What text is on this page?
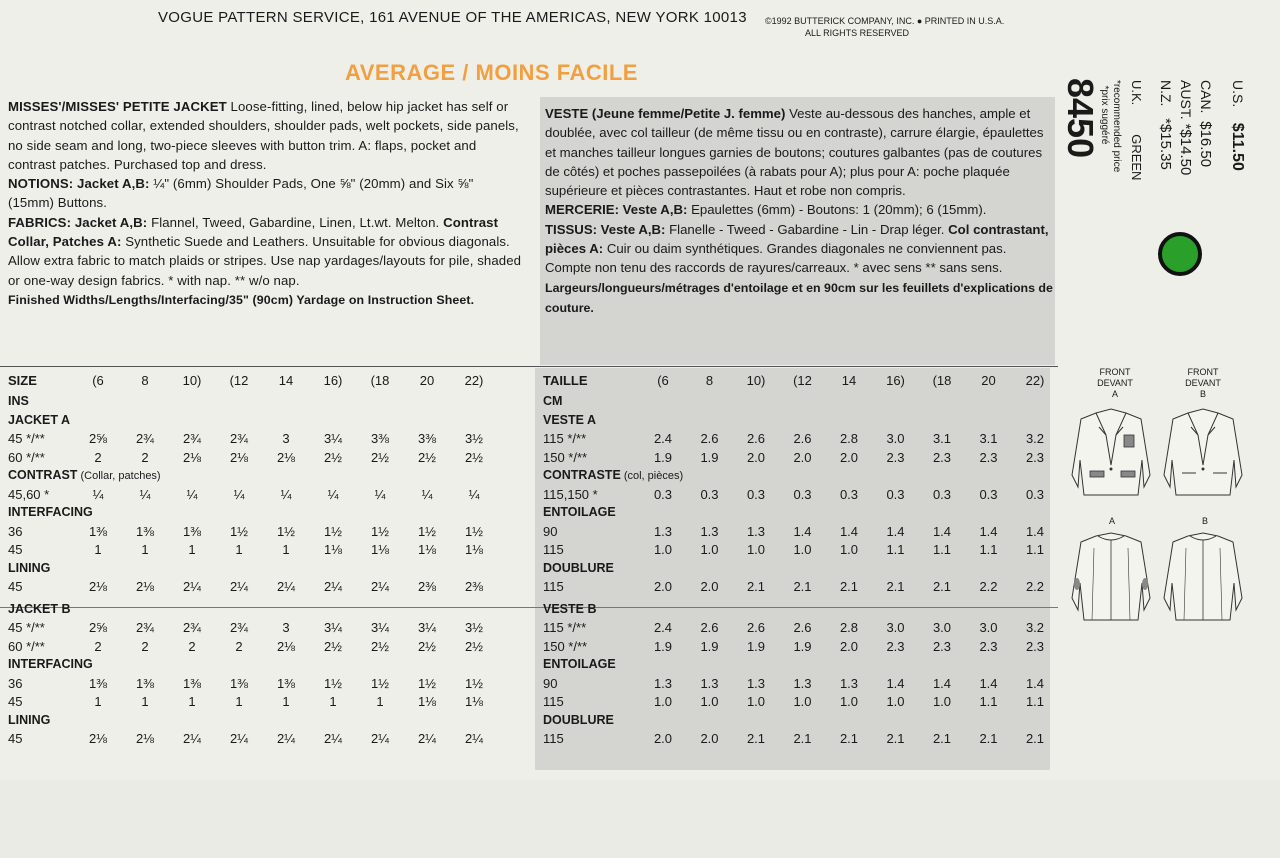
VOGUE PATTERN SERVICE, 161 AVENUE OF THE AMERICAS, NEW YORK 10013 ©1992 BUTTERICK COMPANY, INC. ● PRINTED IN U.S.A.
ALL RIGHTS RESERVED
AVERAGE / MOINS FACILE
MISSES'/MISSES' PETITE JACKET Loose-fitting, lined, below hip jacket has self or contrast notched collar, extended shoulders, shoulder pads, welt pockets, side panels, no side seam and long, two-piece sleeves with button trim. A: flaps, pocket and contrast patches. Purchased top and dress.
NOTIONS: Jacket A,B: ¼" (6mm) Shoulder Pads, One ⅝" (20mm) and Six ⅝" (15mm) Buttons.
FABRICS: Jacket A,B: Flannel, Tweed, Gabardine, Linen, Lt.wt. Melton. Contrast Collar, Patches A: Synthetic Suede and Leathers. Unsuitable for obvious diagonals. Allow extra fabric to match plaids or stripes. Use nap yardages/layouts for pile, shaded or one-way design fabrics. * with nap. ** w/o nap.
Finished Widths/Lengths/Interfacing/35" (90cm) Yardage on Instruction Sheet.
VESTE (Jeune femme/Petite J. femme) Veste au-dessous des hanches, ample et doublée, avec col tailleur (de même tissu ou en contraste), carrure élargie, épaulettes et manches tailleur longues garnies de boutons; coutures galbantes (pas de coutures de côtés) et poches passepoilées (à rabats pour A); plus pour A: poche plaquée supérieure et pièces contrastantes. Haut et robe non compris.
MERCERIE: Veste A,B: Epaulettes (6mm) - Boutons: 1 (20mm); 6 (15mm).
TISSUS: Veste A,B: Flanelle - Tweed - Gabardine - Lin - Drap léger. Col contrastant, pièces A: Cuir ou daim synthétiques. Grandes diagonales ne conviennent pas. Compte non tenu des raccords de rayures/carreaux. * avec sens ** sans sens.
Largeurs/longueurs/métrages d'entoilage et en 90cm sur les feuillets d'explications de couture.
SIZE	(6	8	10)	(12	14	16)	(18	20	22)
INS
JACKET A
45 */**	2⅝	2¾	2¾	2¾	3	3¼	3⅜	3⅜	3½
60 */**	2	2	2⅛	2⅛	2⅛	2½	2½	2½	2½
CONTRAST (Collar, patches)
45,60 *	¼	¼	¼	¼	¼	¼	¼	¼	¼
INTERFACING
36	1⅜	1⅜	1⅜	1½	1½	1½	1½	1½	1½
45	1	1	1	1	1	1⅛	1⅛	1⅛	1⅛
LINING
45	2⅛	2⅛	2¼	2¼	2¼	2¼	2¼	2⅜	2⅜
JACKET B
45 */**	2⅝	2¾	2¾	2¾	3	3¼	3¼	3¼	3½
60 */**	2	2	2	2	2⅛	2½	2½	2½	2½
INTERFACING
36	1⅜	1⅜	1⅜	1⅜	1⅜	1½	1½	1½	1½
45	1	1	1	1	1	1	1	1⅛	1⅛
LINING
45	2⅛	2⅛	2¼	2¼	2¼	2¼	2¼	2¼	2¼
TAILLE	(6	8	10)	(12	14	16)	(18	20	22)
CM
VESTE A
115 */**	2.4	2.6	2.6	2.6	2.8	3.0	3.1	3.1	3.2
150 */**	1.9	1.9	2.0	2.0	2.0	2.3	2.3	2.3	2.3
CONTRASTE (col, pièces)
115,150 *	0.3	0.3	0.3	0.3	0.3	0.3	0.3	0.3	0.3
ENTOILAGE
90	1.3	1.3	1.3	1.4	1.4	1.4	1.4	1.4	1.4
115	1.0	1.0	1.0	1.0	1.0	1.1	1.1	1.1	1.1
DOUBLURE
115	2.0	2.0	2.1	2.1	2.1	2.1	2.1	2.2	2.2
VESTE B
115 */**	2.4	2.6	2.6	2.6	2.8	3.0	3.0	3.0	3.2
150 */**	1.9	1.9	1.9	1.9	2.0	2.3	2.3	2.3	2.3
ENTOILAGE
90	1.3	1.3	1.3	1.3	1.3	1.4	1.4	1.4	1.4
115	1.0	1.0	1.0	1.0	1.0	1.0	1.0	1.1	1.1
DOUBLURE
115	2.0	2.0	2.1	2.1	2.1	2.1	2.1	2.1	2.1
U.S.    $11.50
CAN.  $16.50
AUST. *$14.50
N.Z.   *$15.35
U.K.        GREEN
*recommended price
*prix suggéré
8450
FRONT
DEVANT
A
FRONT
DEVANT
B
A	B
